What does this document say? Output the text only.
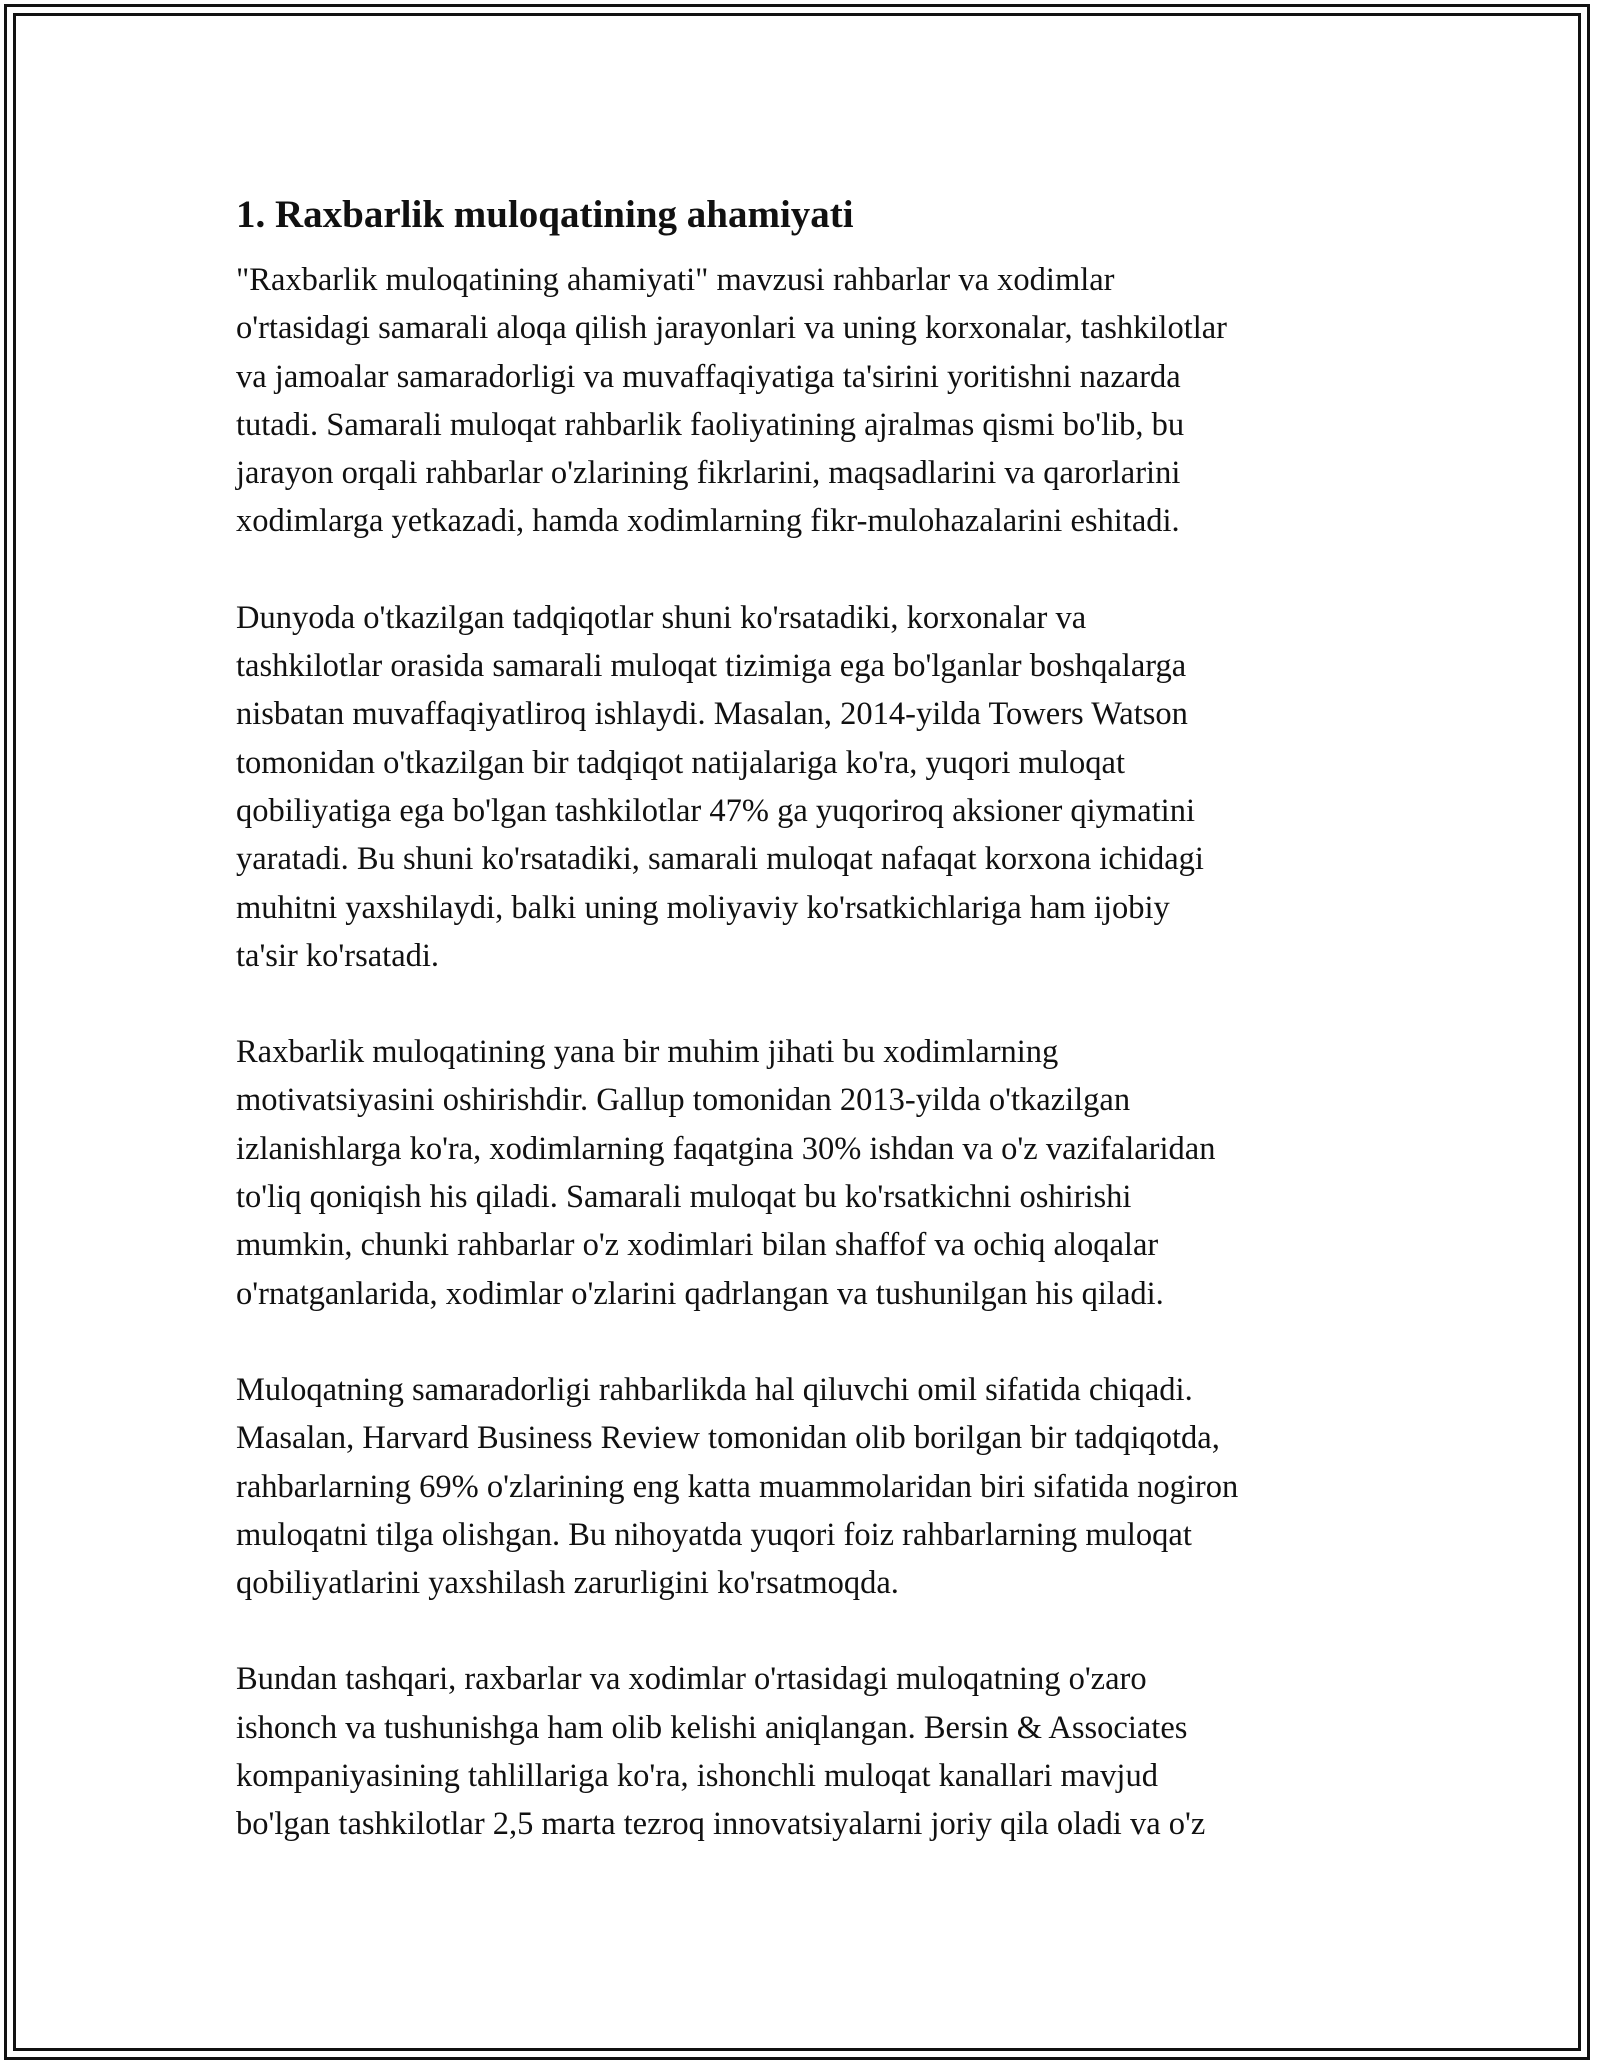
1. Raxbarlik muloqatining ahamiyati

"Raxbarlik muloqatining ahamiyati" mavzusi rahbarlar va xodimlar
o'rtasidagi samarali aloqa qilish jarayonlari va uning korxonalar, tashkilotlar
va jamoalar samaradorligi va muvaffaqiyatiga ta'sirini yoritishni nazarda
tutadi. Samarali muloqat rahbarlik faoliyatining ajralmas qismi bo'lib, bu
jarayon orqali rahbarlar o'zlarining fikrlarini, maqsadlarini va qarorlarini
xodimlarga yetkazadi, hamda xodimlarning fikr-mulohazalarini eshitadi.

Dunyoda o'tkazilgan tadqiqotlar shuni ko'rsatadiki, korxonalar va
tashkilotlar orasida samarali muloqat tizimiga ega bo'lganlar boshqalarga
nisbatan muvaffaqiyatliroq ishlaydi. Masalan, 2014-yilda Towers Watson
tomonidan o'tkazilgan bir tadqiqot natijalariga ko'ra, yuqori muloqat
qobiliyatiga ega bo'lgan tashkilotlar 47% ga yuqoriroq aksioner qiymatini
yaratadi. Bu shuni ko'rsatadiki, samarali muloqat nafaqat korxona ichidagi
muhitni yaxshilaydi, balki uning moliyaviy ko'rsatkichlariga ham ijobiy
ta'sir ko'rsatadi.

Raxbarlik muloqatining yana bir muhim jihati bu xodimlarning
motivatsiyasini oshirishdir. Gallup tomonidan 2013-yilda o'tkazilgan
izlanishlarga ko'ra, xodimlarning faqatgina 30% ishdan va o'z vazifalaridan
to'liq qoniqish his qiladi. Samarali muloqat bu ko'rsatkichni oshirishi
mumkin, chunki rahbarlar o'z xodimlari bilan shaffof va ochiq aloqalar
o'rnatganlarida, xodimlar o'zlarini qadrlangan va tushunilgan his qiladi.

Muloqatning samaradorligi rahbarlikda hal qiluvchi omil sifatida chiqadi.
Masalan, Harvard Business Review tomonidan olib borilgan bir tadqiqotda,
rahbarlarning 69% o'zlarining eng katta muammolaridan biri sifatida nogiron
muloqatni tilga olishgan. Bu nihoyatda yuqori foiz rahbarlarning muloqat
qobiliyatlarini yaxshilash zarurligini ko'rsatmoqda.

Bundan tashqari, raxbarlar va xodimlar o'rtasidagi muloqatning o'zaro
ishonch va tushunishga ham olib kelishi aniqlangan. Bersin & Associates
kompaniyasining tahlillariga ko'ra, ishonchli muloqat kanallari mavjud
bo'lgan tashkilotlar 2,5 marta tezroq innovatsiyalarni joriy qila oladi va o'z
